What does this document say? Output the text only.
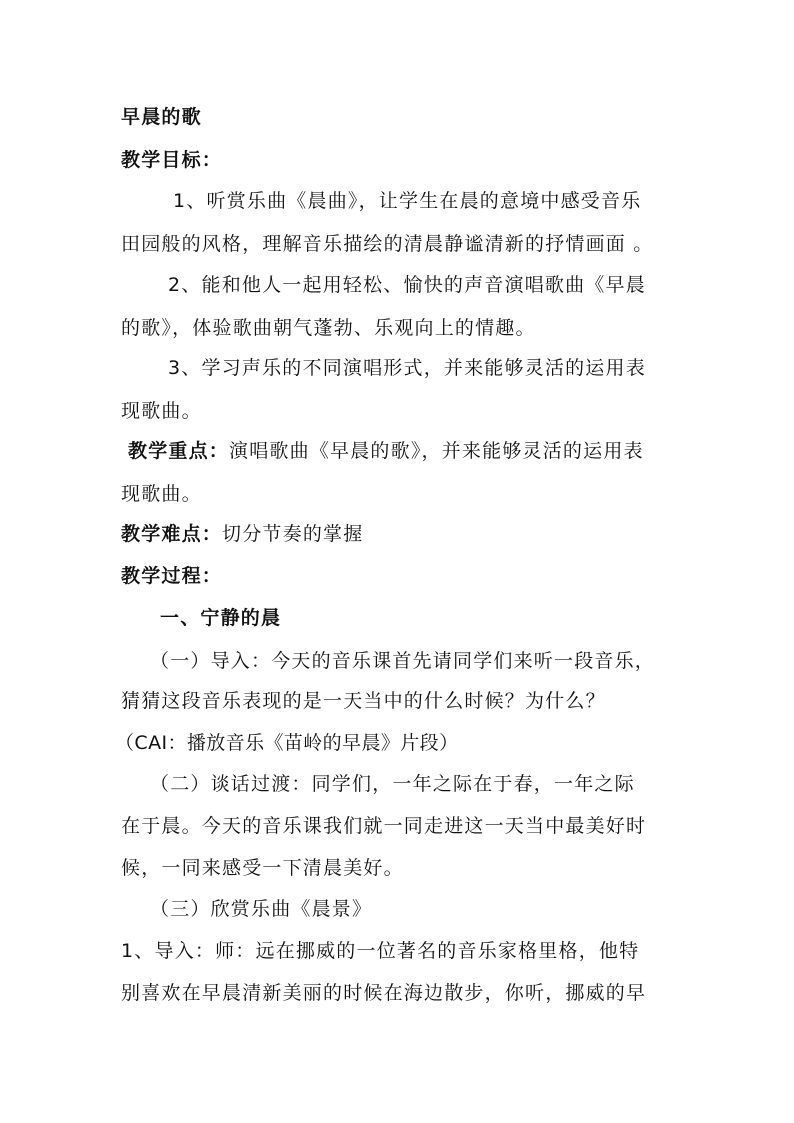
早晨的歌
教学目标：
1、听赏乐曲《晨曲》，让学生在晨的意境中感受音乐
田园般的风格，理解音乐描绘的清晨静谧清新的抒情画面 。
2、能和他人一起用轻松、愉快的声音演唱歌曲《早晨
的歌》，体验歌曲朝气蓬勃、乐观向上的情趣。
3、学习声乐的不同演唱形式，并来能够灵活的运用表
现歌曲。
教学重点：演唱歌曲《早晨的歌》，并来能够灵活的运用表
现歌曲。
教学难点：切分节奏的掌握
教学过程：
一、宁静的晨
（一）导入：今天的音乐课首先请同学们来听一段音乐，
猜猜这段音乐表现的是一天当中的什么时候？为什么？
（CAI：播放音乐《苗岭的早晨》片段）
（二）谈话过渡：同学们，一年之际在于春，一年之际
在于晨。今天的音乐课我们就一同走进这一天当中最美好时
候，一同来感受一下清晨美好。
（三）欣赏乐曲《晨景》
1、导入：师：远在挪威的一位著名的音乐家格里格，他特
别喜欢在早晨清新美丽的时候在海边散步，你听，挪威的早
